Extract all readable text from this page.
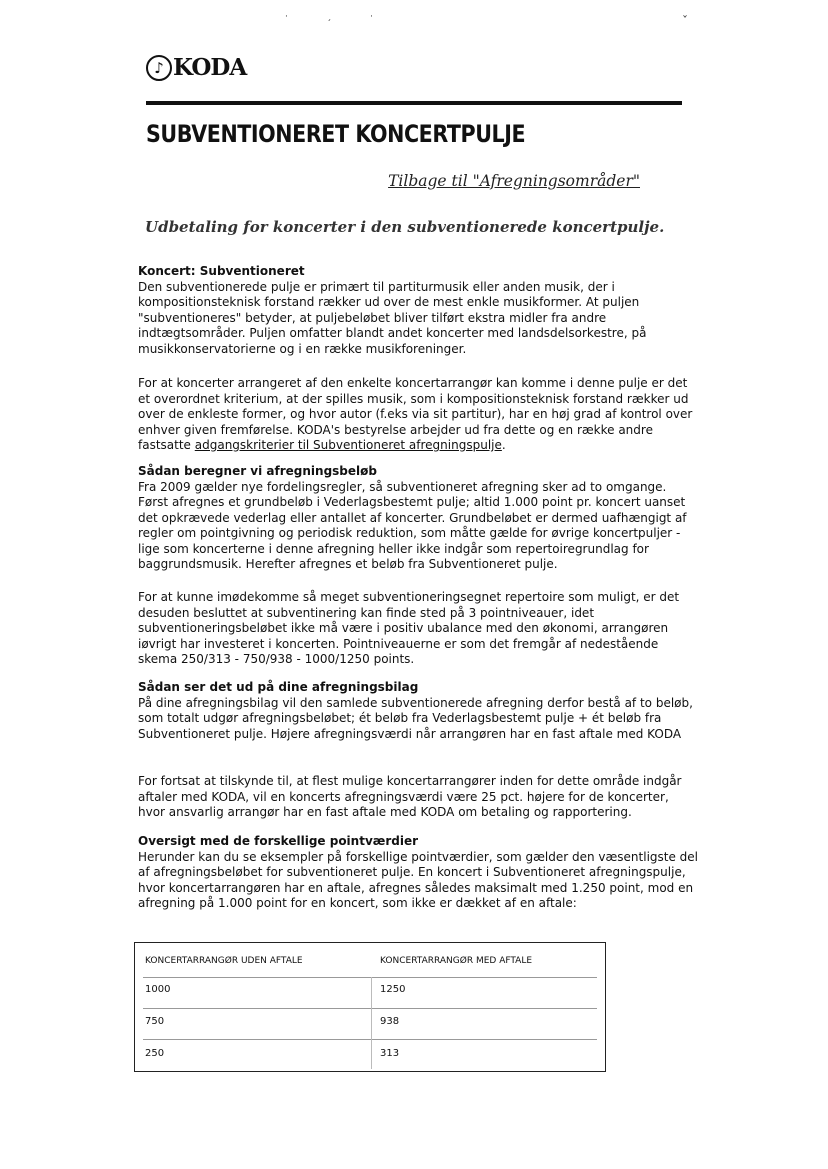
· ˏ ·	ˇ
♪ KODA
SUBVENTIONERET KONCERTPULJE
Tilbage til "Afregningsområder"
Udbetaling for koncerter i den subventionerede koncertpulje.
Koncert: Subventioneret

Den subventionerede pulje er primært til partiturmusik eller anden musik, der i kompositionsteknisk forstand rækker ud over de mest enkle musikformer. At puljen "subventioneres" betyder, at puljebeløbet bliver tilført ekstra midler fra andre indtægtsområder. Puljen omfatter blandt andet koncerter med landsdelsorkestre, på musikkonservatorierne og i en række musikforeninger.

For at koncerter arrangeret af den enkelte koncertarrangør kan komme i denne pulje er det et overordnet kriterium, at der spilles musik, som i kompositionsteknisk forstand rækker ud over de enkleste former, og hvor autor (f.eks via sit partitur), har en høj grad af kontrol over enhver given fremførelse. KODA's bestyrelse arbejder ud fra dette og en række andre fastsatte adgangskriterier til Subventioneret afregningspulje.

Sådan beregner vi afregningsbeløb

Fra 2009 gælder nye fordelingsregler, så subventioneret afregning sker ad to omgange. Først afregnes et grundbeløb i Vederlagsbestemt pulje; altid 1.000 point pr. koncert uanset det opkrævede vederlag eller antallet af koncerter. Grundbeløbet er dermed uafhængigt af regler om pointgivning og periodisk reduktion, som måtte gælde for øvrige koncertpuljer - lige som koncerterne i denne afregning heller ikke indgår som repertoiregrundlag for baggrundsmusik. Herefter afregnes et beløb fra Subventioneret pulje.

For at kunne imødekomme så meget subventioneringsegnet repertoire som muligt, er det desuden besluttet at subventinering kan finde sted på 3 pointniveauer, idet subventioneringsbeløbet ikke må være i positiv ubalance med den økonomi, arrangøren iøvrigt har investeret i koncerten. Pointniveauerne er som det fremgår af nedestående skema 250/313 - 750/938 - 1000/1250 points.

Sådan ser det ud på dine afregningsbilag

På dine afregningsbilag vil den samlede subventionerede afregning derfor bestå af to beløb, som totalt udgør afregningsbeløbet; ét beløb fra Vederlagsbestemt pulje + ét beløb fra Subventioneret pulje. Højere afregningsværdi når arrangøren har en fast aftale med KODA

For fortsat at tilskynde til, at flest mulige koncertarrangører inden for dette område indgår aftaler med KODA, vil en koncerts afregningsværdi være 25 pct. højere for de koncerter, hvor ansvarlig arrangør har en fast aftale med KODA om betaling og rapportering.

Oversigt med de forskellige pointværdier

Herunder kan du se eksempler på forskellige pointværdier, som gælder den væsentligste del af afregningsbeløbet for subventioneret pulje. En koncert i Subventioneret afregningspulje, hvor koncertarrangøren har en aftale, afregnes således maksimalt med 1.250 point, mod en afregning på 1.000 point for en koncert, som ikke er dækket af en aftale:

KONCERTARRANGØR UDEN AFTALE	KONCERTARRANGØR MED AFTALE
1000	1250
750	938
250	313
